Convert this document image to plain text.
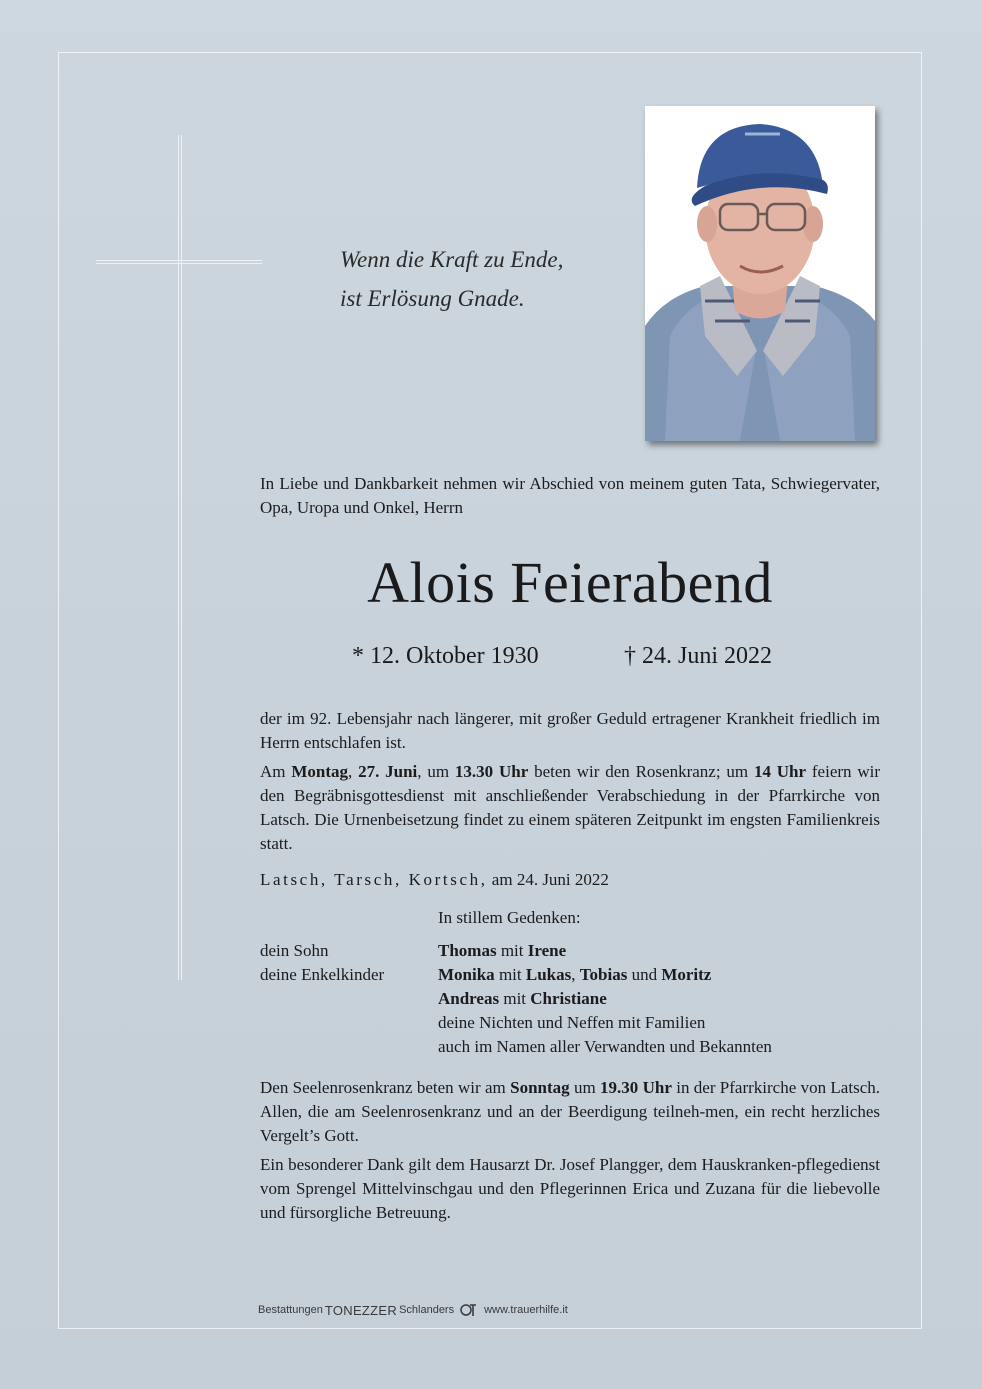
Wenn die Kraft zu Ende,
ist Erlösung Gnade.
In Liebe und Dankbarkeit nehmen wir Abschied von meinem guten Tata, Schwiegervater, Opa, Uropa und Onkel, Herrn
Alois Feierabend
* 12. Oktober 1930	† 24. Juni 2022
der im 92. Lebensjahr nach längerer, mit großer Geduld ertragener Krankheit friedlich im Herrn entschlafen ist.
Am Montag, 27. Juni, um 13.30 Uhr beten wir den Rosenkranz; um 14 Uhr feiern wir den Begräbnisgottesdienst mit anschließender Verabschiedung in der Pfarrkirche von Latsch. Die Urnenbeisetzung findet zu einem späteren Zeitpunkt im engsten Familienkreis statt.
Latsch, Tarsch, Kortsch, am 24. Juni 2022
In stillem Gedenken:
dein Sohn
deine Enkelkinder
Thomas mit Irene
Monika mit Lukas, Tobias und Moritz
Andreas mit Christiane
deine Nichten und Neffen mit Familien
auch im Namen aller Verwandten und Bekannten
Den Seelenrosenkranz beten wir am Sonntag um 19.30 Uhr in der Pfarrkirche von Latsch. Allen, die am Seelenrosenkranz und an der Beerdigung teilneh-men, ein recht herzliches Vergelt’s Gott.
Ein besonderer Dank gilt dem Hausarzt Dr. Josef Plangger, dem Hauskranken-pflegedienst vom Sprengel Mittelvinschgau und den Pflegerinnen Erica und Zuzana für die liebevolle und fürsorgliche Betreuung.
Bestattungen TONEZZER Schlanders	www.trauerhilfe.it
